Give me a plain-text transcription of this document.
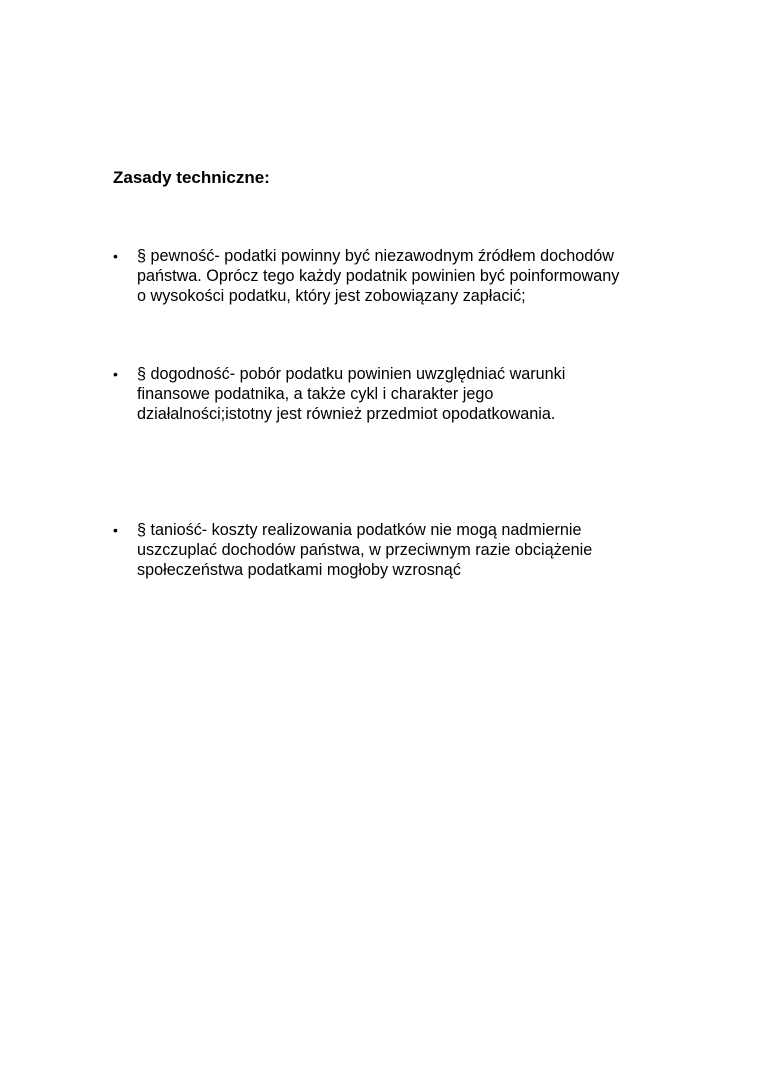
Zasady techniczne:
• § pewność- podatki powinny być niezawodnym źródłem dochodów
państwa. Oprócz tego każdy podatnik powinien być poinformowany
o wysokości podatku, który jest zobowiązany zapłacić;
• § dogodność- pobór podatku powinien uwzględniać warunki
finansowe podatnika, a także cykl i charakter jego
działalności;istotny jest również przedmiot opodatkowania.
• § taniość- koszty realizowania podatków nie mogą nadmiernie
uszczuplać dochodów państwa, w przeciwnym razie obciążenie
społeczeństwa podatkami mogłoby wzrosnąć
